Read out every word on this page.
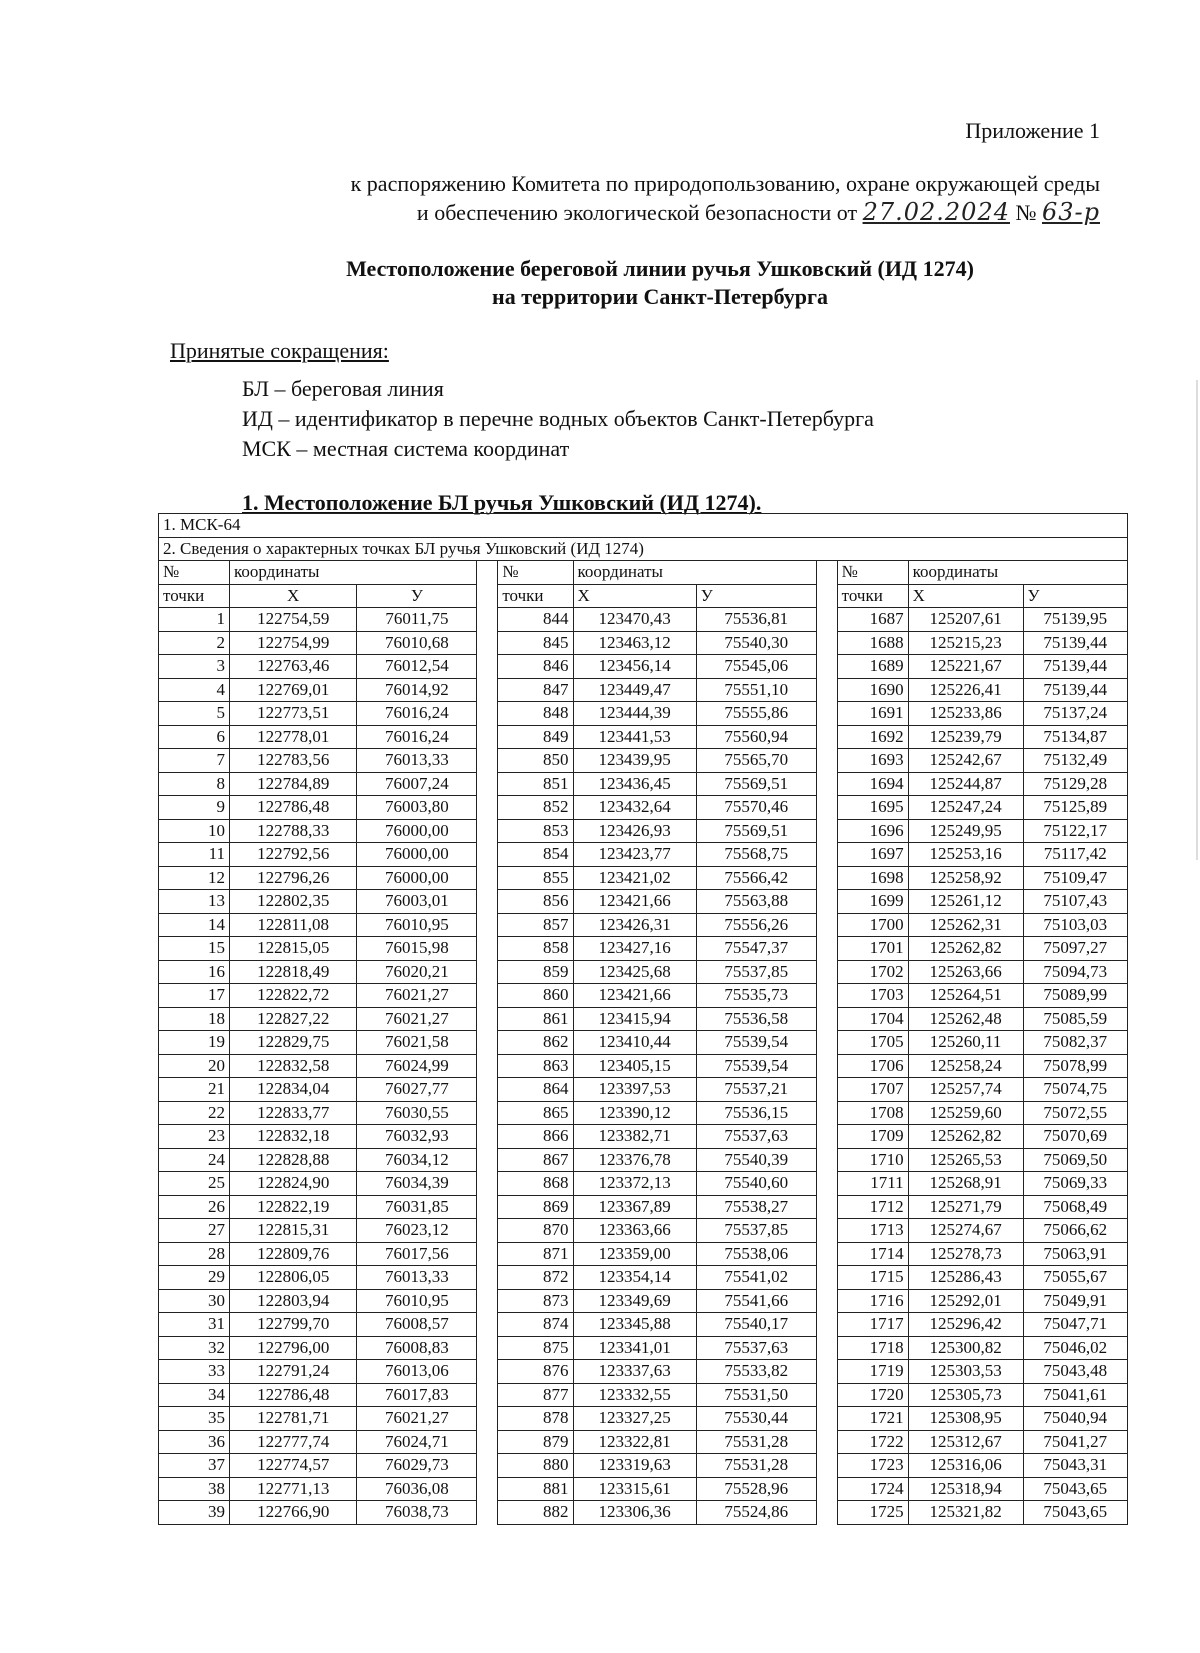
Приложение 1
к распоряжению Комитета по природопользованию, охране окружающей среды
и обеспечению экологической безопасности от 27.02.2024 № 63-р
Местоположение береговой линии ручья Ушковский (ИД 1274)
на территории Санкт-Петербурга
Принятые сокращения:
БЛ – береговая линия
ИД – идентификатор в перечне водных объектов Санкт-Петербурга
МСК – местная система координат
1. Местоположение БЛ ручья Ушковский (ИД 1274).
1. МСК-64										
2. Сведения о характерных точках БЛ ручья Ушковский (ИД 1274)										
№	координаты			№	координаты			№	координаты	
точки	X	У		точки	X	У		точки	X	У
1	122754,59	76011,75		844	123470,43	75536,81		1687	125207,61	75139,95
2	122754,99	76010,68		845	123463,12	75540,30		1688	125215,23	75139,44
3	122763,46	76012,54		846	123456,14	75545,06		1689	125221,67	75139,44
4	122769,01	76014,92		847	123449,47	75551,10		1690	125226,41	75139,44
5	122773,51	76016,24		848	123444,39	75555,86		1691	125233,86	75137,24
6	122778,01	76016,24		849	123441,53	75560,94		1692	125239,79	75134,87
7	122783,56	76013,33		850	123439,95	75565,70		1693	125242,67	75132,49
8	122784,89	76007,24		851	123436,45	75569,51		1694	125244,87	75129,28
9	122786,48	76003,80		852	123432,64	75570,46		1695	125247,24	75125,89
10	122788,33	76000,00		853	123426,93	75569,51		1696	125249,95	75122,17
11	122792,56	76000,00		854	123423,77	75568,75		1697	125253,16	75117,42
12	122796,26	76000,00		855	123421,02	75566,42		1698	125258,92	75109,47
13	122802,35	76003,01		856	123421,66	75563,88		1699	125261,12	75107,43
14	122811,08	76010,95		857	123426,31	75556,26		1700	125262,31	75103,03
15	122815,05	76015,98		858	123427,16	75547,37		1701	125262,82	75097,27
16	122818,49	76020,21		859	123425,68	75537,85		1702	125263,66	75094,73
17	122822,72	76021,27		860	123421,66	75535,73		1703	125264,51	75089,99
18	122827,22	76021,27		861	123415,94	75536,58		1704	125262,48	75085,59
19	122829,75	76021,58		862	123410,44	75539,54		1705	125260,11	75082,37
20	122832,58	76024,99		863	123405,15	75539,54		1706	125258,24	75078,99
21	122834,04	76027,77		864	123397,53	75537,21		1707	125257,74	75074,75
22	122833,77	76030,55		865	123390,12	75536,15		1708	125259,60	75072,55
23	122832,18	76032,93		866	123382,71	75537,63		1709	125262,82	75070,69
24	122828,88	76034,12		867	123376,78	75540,39		1710	125265,53	75069,50
25	122824,90	76034,39		868	123372,13	75540,60		1711	125268,91	75069,33
26	122822,19	76031,85		869	123367,89	75538,27		1712	125271,79	75068,49
27	122815,31	76023,12		870	123363,66	75537,85		1713	125274,67	75066,62
28	122809,76	76017,56		871	123359,00	75538,06		1714	125278,73	75063,91
29	122806,05	76013,33		872	123354,14	75541,02		1715	125286,43	75055,67
30	122803,94	76010,95		873	123349,69	75541,66		1716	125292,01	75049,91
31	122799,70	76008,57		874	123345,88	75540,17		1717	125296,42	75047,71
32	122796,00	76008,83		875	123341,01	75537,63		1718	125300,82	75046,02
33	122791,24	76013,06		876	123337,63	75533,82		1719	125303,53	75043,48
34	122786,48	76017,83		877	123332,55	75531,50		1720	125305,73	75041,61
35	122781,71	76021,27		878	123327,25	75530,44		1721	125308,95	75040,94
36	122777,74	76024,71		879	123322,81	75531,28		1722	125312,67	75041,27
37	122774,57	76029,73		880	123319,63	75531,28		1723	125316,06	75043,31
38	122771,13	76036,08		881	123315,61	75528,96		1724	125318,94	75043,65
39	122766,90	76038,73		882	123306,36	75524,86		1725	125321,82	75043,65
